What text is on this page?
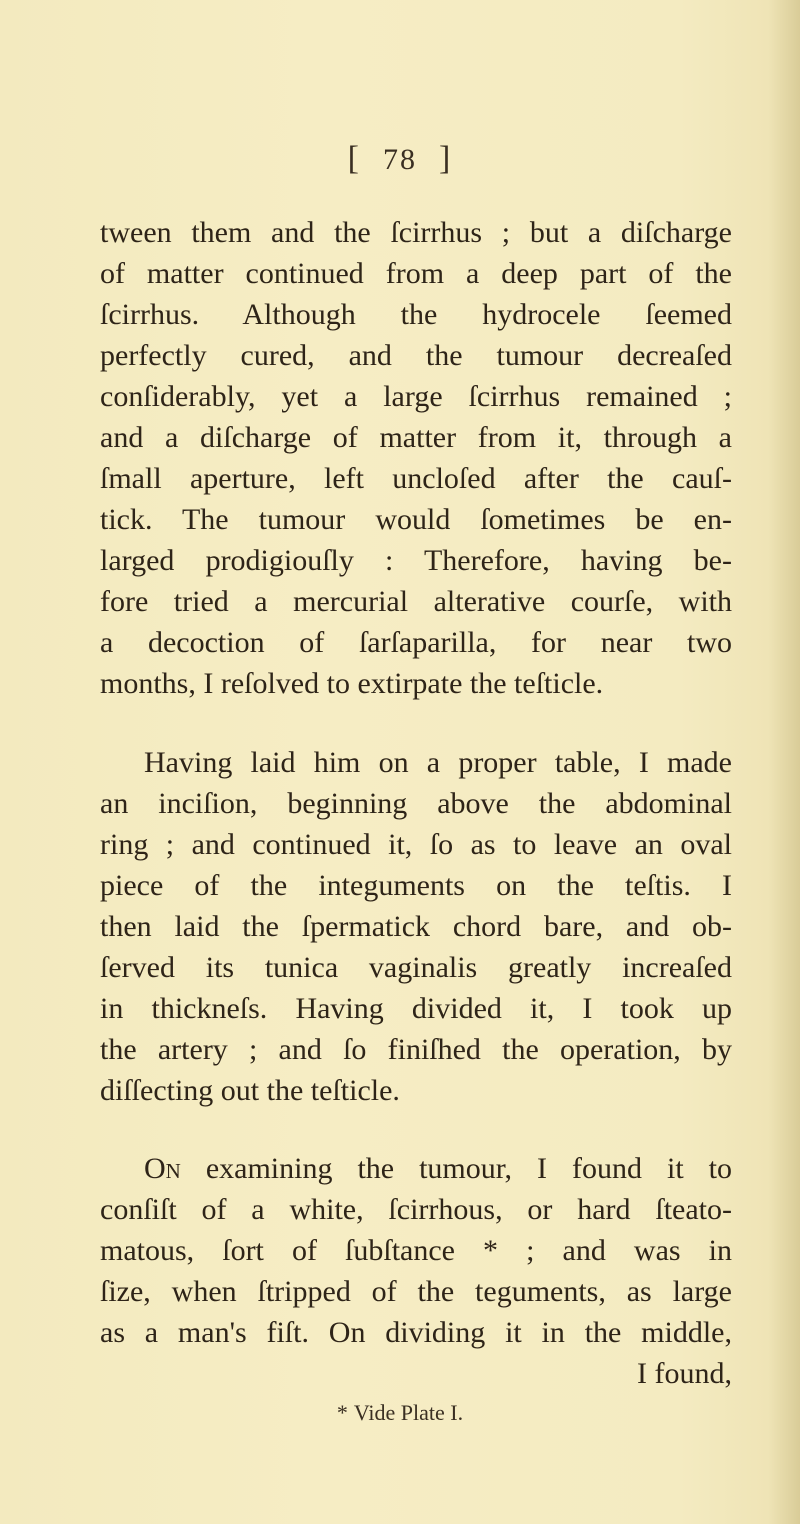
[ 78 ]
tween them and the ſcirrhus ; but a diſcharge
of matter continued from a deep part of the
ſcirrhus. Although the hydrocele ſeemed
perfectly cured, and the tumour decreaſed
conſiderably, yet a large ſcirrhus remained ;
and a diſcharge of matter from it, through a
ſmall aperture, left uncloſed after the cauſ-
tick. The tumour would ſometimes be en-
larged prodigiouſly : Therefore, having be-
fore tried a mercurial alterative courſe, with
a decoction of ſarſaparilla, for near two
months, I reſolved to extirpate the teſticle.
Having laid him on a proper table, I made
an inciſion, beginning above the abdominal
ring ; and continued it, ſo as to leave an oval
piece of the integuments on the teſtis. I
then laid the ſpermatick chord bare, and ob-
ſerved its tunica vaginalis greatly increaſed
in thickneſs. Having divided it, I took up
the artery ; and ſo finiſhed the operation, by
diſſecting out the teſticle.
On examining the tumour, I found it to
conſiſt of a white, ſcirrhous, or hard ſteato-
matous, ſort of ſubſtance * ; and was in
ſize, when ſtripped of the teguments, as large
as a man's fiſt. On dividing it in the middle,
I found,
* Vide Plate I.
